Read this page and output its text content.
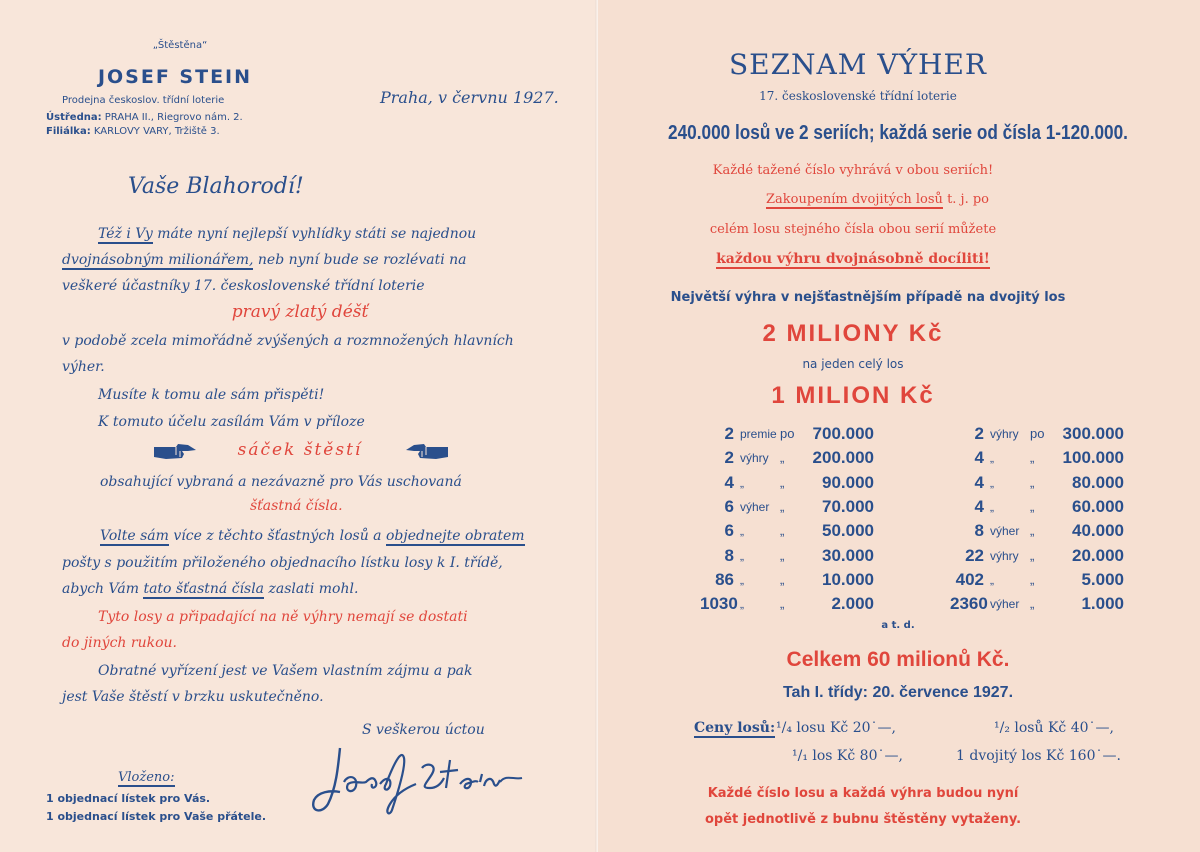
„Štěstěna“
JOSEF STEIN
Prodejna českoslov. třídní loterie
Ústředna: PRAHA II., Riegrovo nám. 2.
Filiálka: KARLOVY VARY, Tržiště 3.
Praha, v červnu 1927.
Vaše Blahorodí!
Též i Vy máte nyní nejlepší vyhlídky státi se najednou
dvojnásobným milionářem, neb nyní bude se rozlévati na
veškeré účastníky 17. československé třídní loterie
pravý zlatý déšť
v podobě zcela mimořádně zvýšených a rozmnožených hlavních
výher.
Musíte k tomu ale sám přispěti!
K tomuto účelu zasílám Vám v příloze
sáček štěstí
obsahující vybraná a nezávazně pro Vás uschovaná
šťastná čísla.
Volte sám více z těchto šťastných losů a objednejte obratem
pošty s použitím přiloženého objednacího lístku losy k I. třídě,
abych Vám tato šťastná čísla zaslati mohl.
Tyto losy a připadající na ně výhry nemají se dostati
do jiných rukou.
Obratné vyřízení jest ve Vašem vlastním zájmu a pak
jest Vaše štěstí v brzku uskutečněno.
S veškerou úctou
Vloženo:
1 objednací lístek pro Vás.
1 objednací lístek pro Vaše přátele.
SEZNAM VÝHER
17. československé třídní loterie
240.000 losů ve 2 seriích; každá serie od čísla 1-120.000.
Každé tažené číslo vyhrává v obou seriích!
Zakoupením dvojitých losů t. j. po
celém losu stejného čísla obou serií můžete
každou výhru dvojnásobně docíliti!
Největší výhra v nejšťastnějším případě na dvojitý los
2 MILIONY Kč
na jeden celý los
1 MILION Kč
2 premie po	700.000
2 výhry „	200.000
4 „	„	90.000
6 výher „	70.000
6 „	„	50.000
8 „	„	30.000
86 „	„	10.000
1030 „	„	2.000
2 výhry po	300.000
4 „	„	100.000
4 „	„	80.000
4 „	„	60.000
8 výher „	40.000
22 výhry „	20.000
402 „	„	5.000
2360 výher „	1.000
a t. d.
Celkem 60 milionů Kč.
Tah I. třídy: 20. července 1927.
Ceny losů: ¹/₄ losu Kč 20˙—,	¹/₂ losů Kč 40˙—,
¹/₁ los Kč 80˙—,	1 dvojitý los Kč 160˙—.
Každé číslo losu a každá výhra budou nyní
opět jednotlivě z bubnu štěstěny vytaženy.
